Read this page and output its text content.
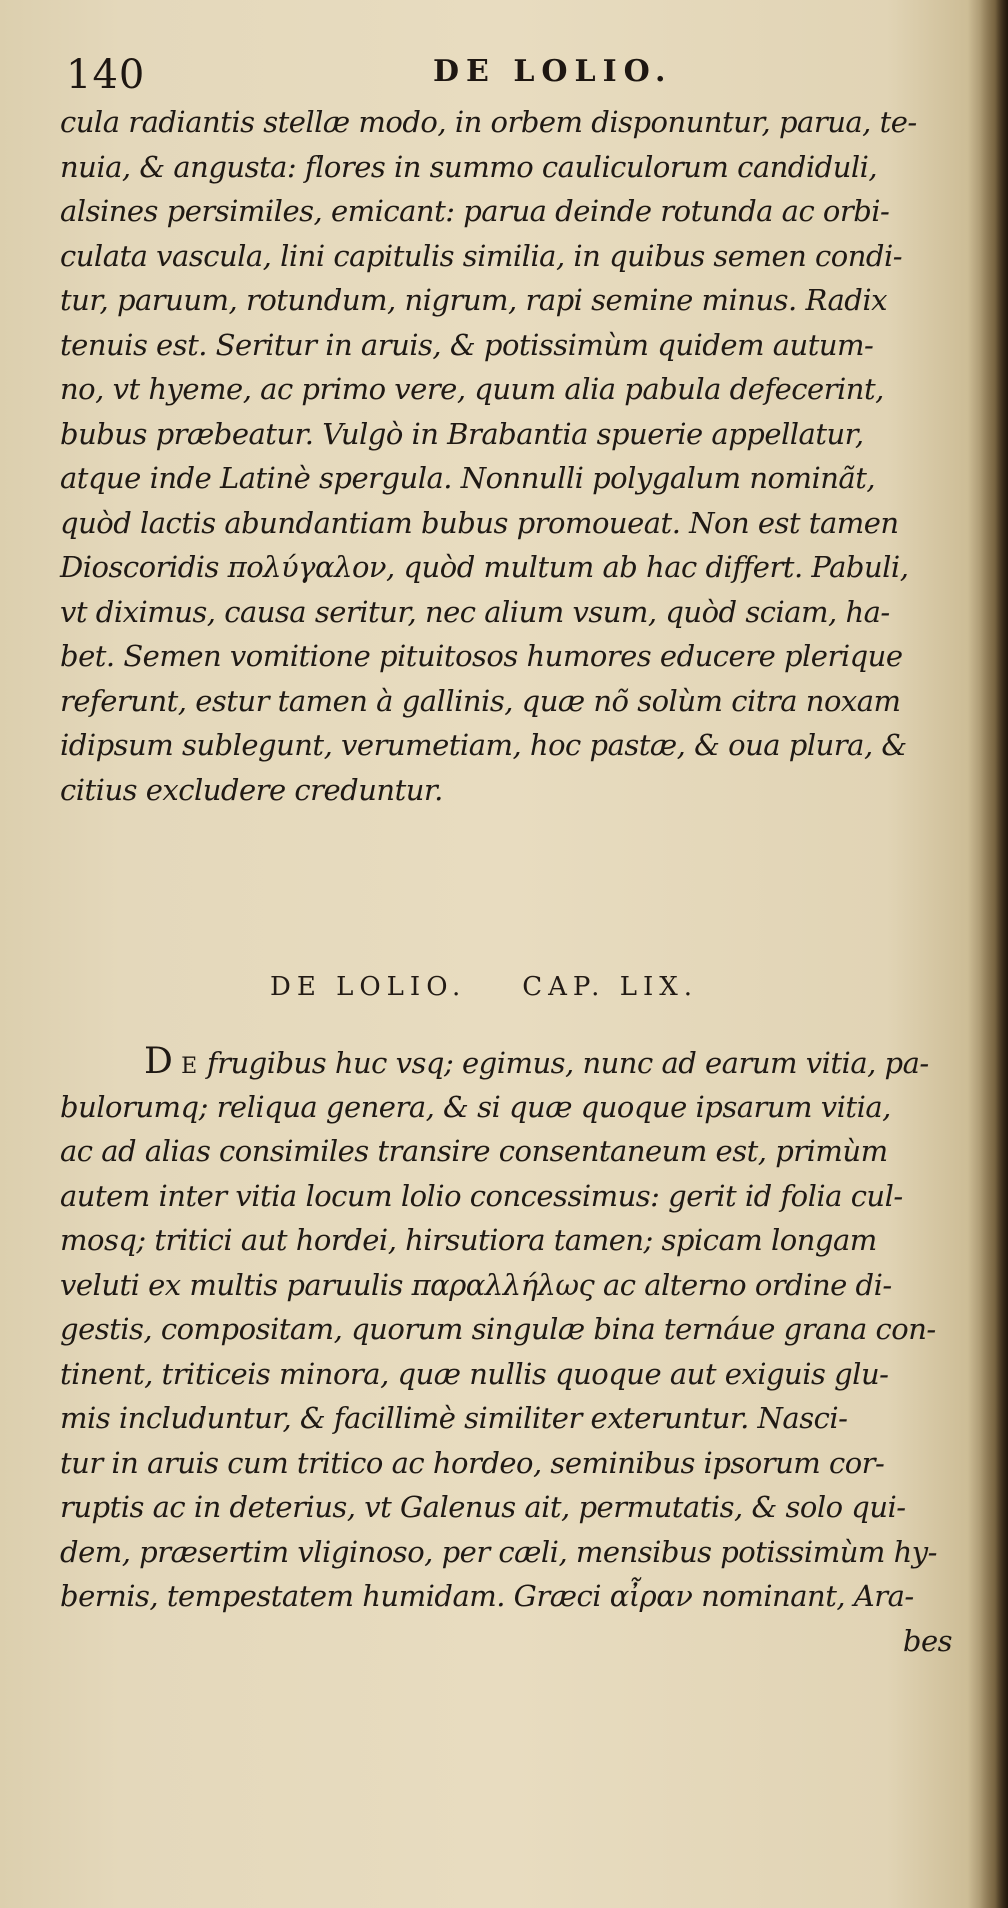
140	DE LOLIO.
cula radiantis stellæ modo, in orbem disponuntur, parua, te-
nuia, & angusta: flores in summo cauliculorum candiduli,
alsines persimiles, emicant: parua deinde rotunda ac orbi-
culata vascula, lini capitulis similia, in quibus semen condi-
tur, paruum, rotundum, nigrum, rapi semine minus. Radix
tenuis est. Seritur in aruis, & potissimùm quidem autum-
no, vt hyeme, ac primo vere, quum alia pabula defecerint,
bubus præbeatur. Vulgò in Brabantia spuerie appellatur,
atque inde Latinè spergula. Nonnulli polygalum nominãt,
quòd lactis abundantiam bubus promoueat. Non est tamen
Dioscoridis πολύγαλον, quòd multum ab hac differt. Pabuli,
vt diximus, causa seritur, nec alium vsum, quòd sciam, ha-
bet. Semen vomitione pituitosos humores educere plerique
referunt, estur tamen à gallinis, quæ nõ solùm citra noxam
idipsum sublegunt, verumetiam, hoc pastæ, & oua plura, &
citius excludere creduntur.
DE LOLIO. CAP. LIX.
D E frugibus huc vsq; egimus, nunc ad earum vitia, pa-
bulorumq; reliqua genera, & si quæ quoque ipsarum vitia,
ac ad alias consimiles transire consentaneum est, primùm
autem inter vitia locum lolio concessimus: gerit id folia cul-
mosq; tritici aut hordei, hirsutiora tamen; spicam longam
veluti ex multis paruulis παραλλήλως ac alterno ordine di-
gestis, compositam, quorum singulæ bina ternáue grana con-
tinent, triticeis minora, quæ nullis quoque aut exiguis glu-
mis includuntur, & facillimè similiter exteruntur. Nasci-
tur in aruis cum tritico ac hordeo, seminibus ipsorum cor-
ruptis ac in deterius, vt Galenus ait, permutatis, & solo qui-
dem, præsertim vliginoso, per cæli, mensibus potissimùm hy-
bernis, tempestatem humidam. Græci αἶραν nominant, Ara-
bes
